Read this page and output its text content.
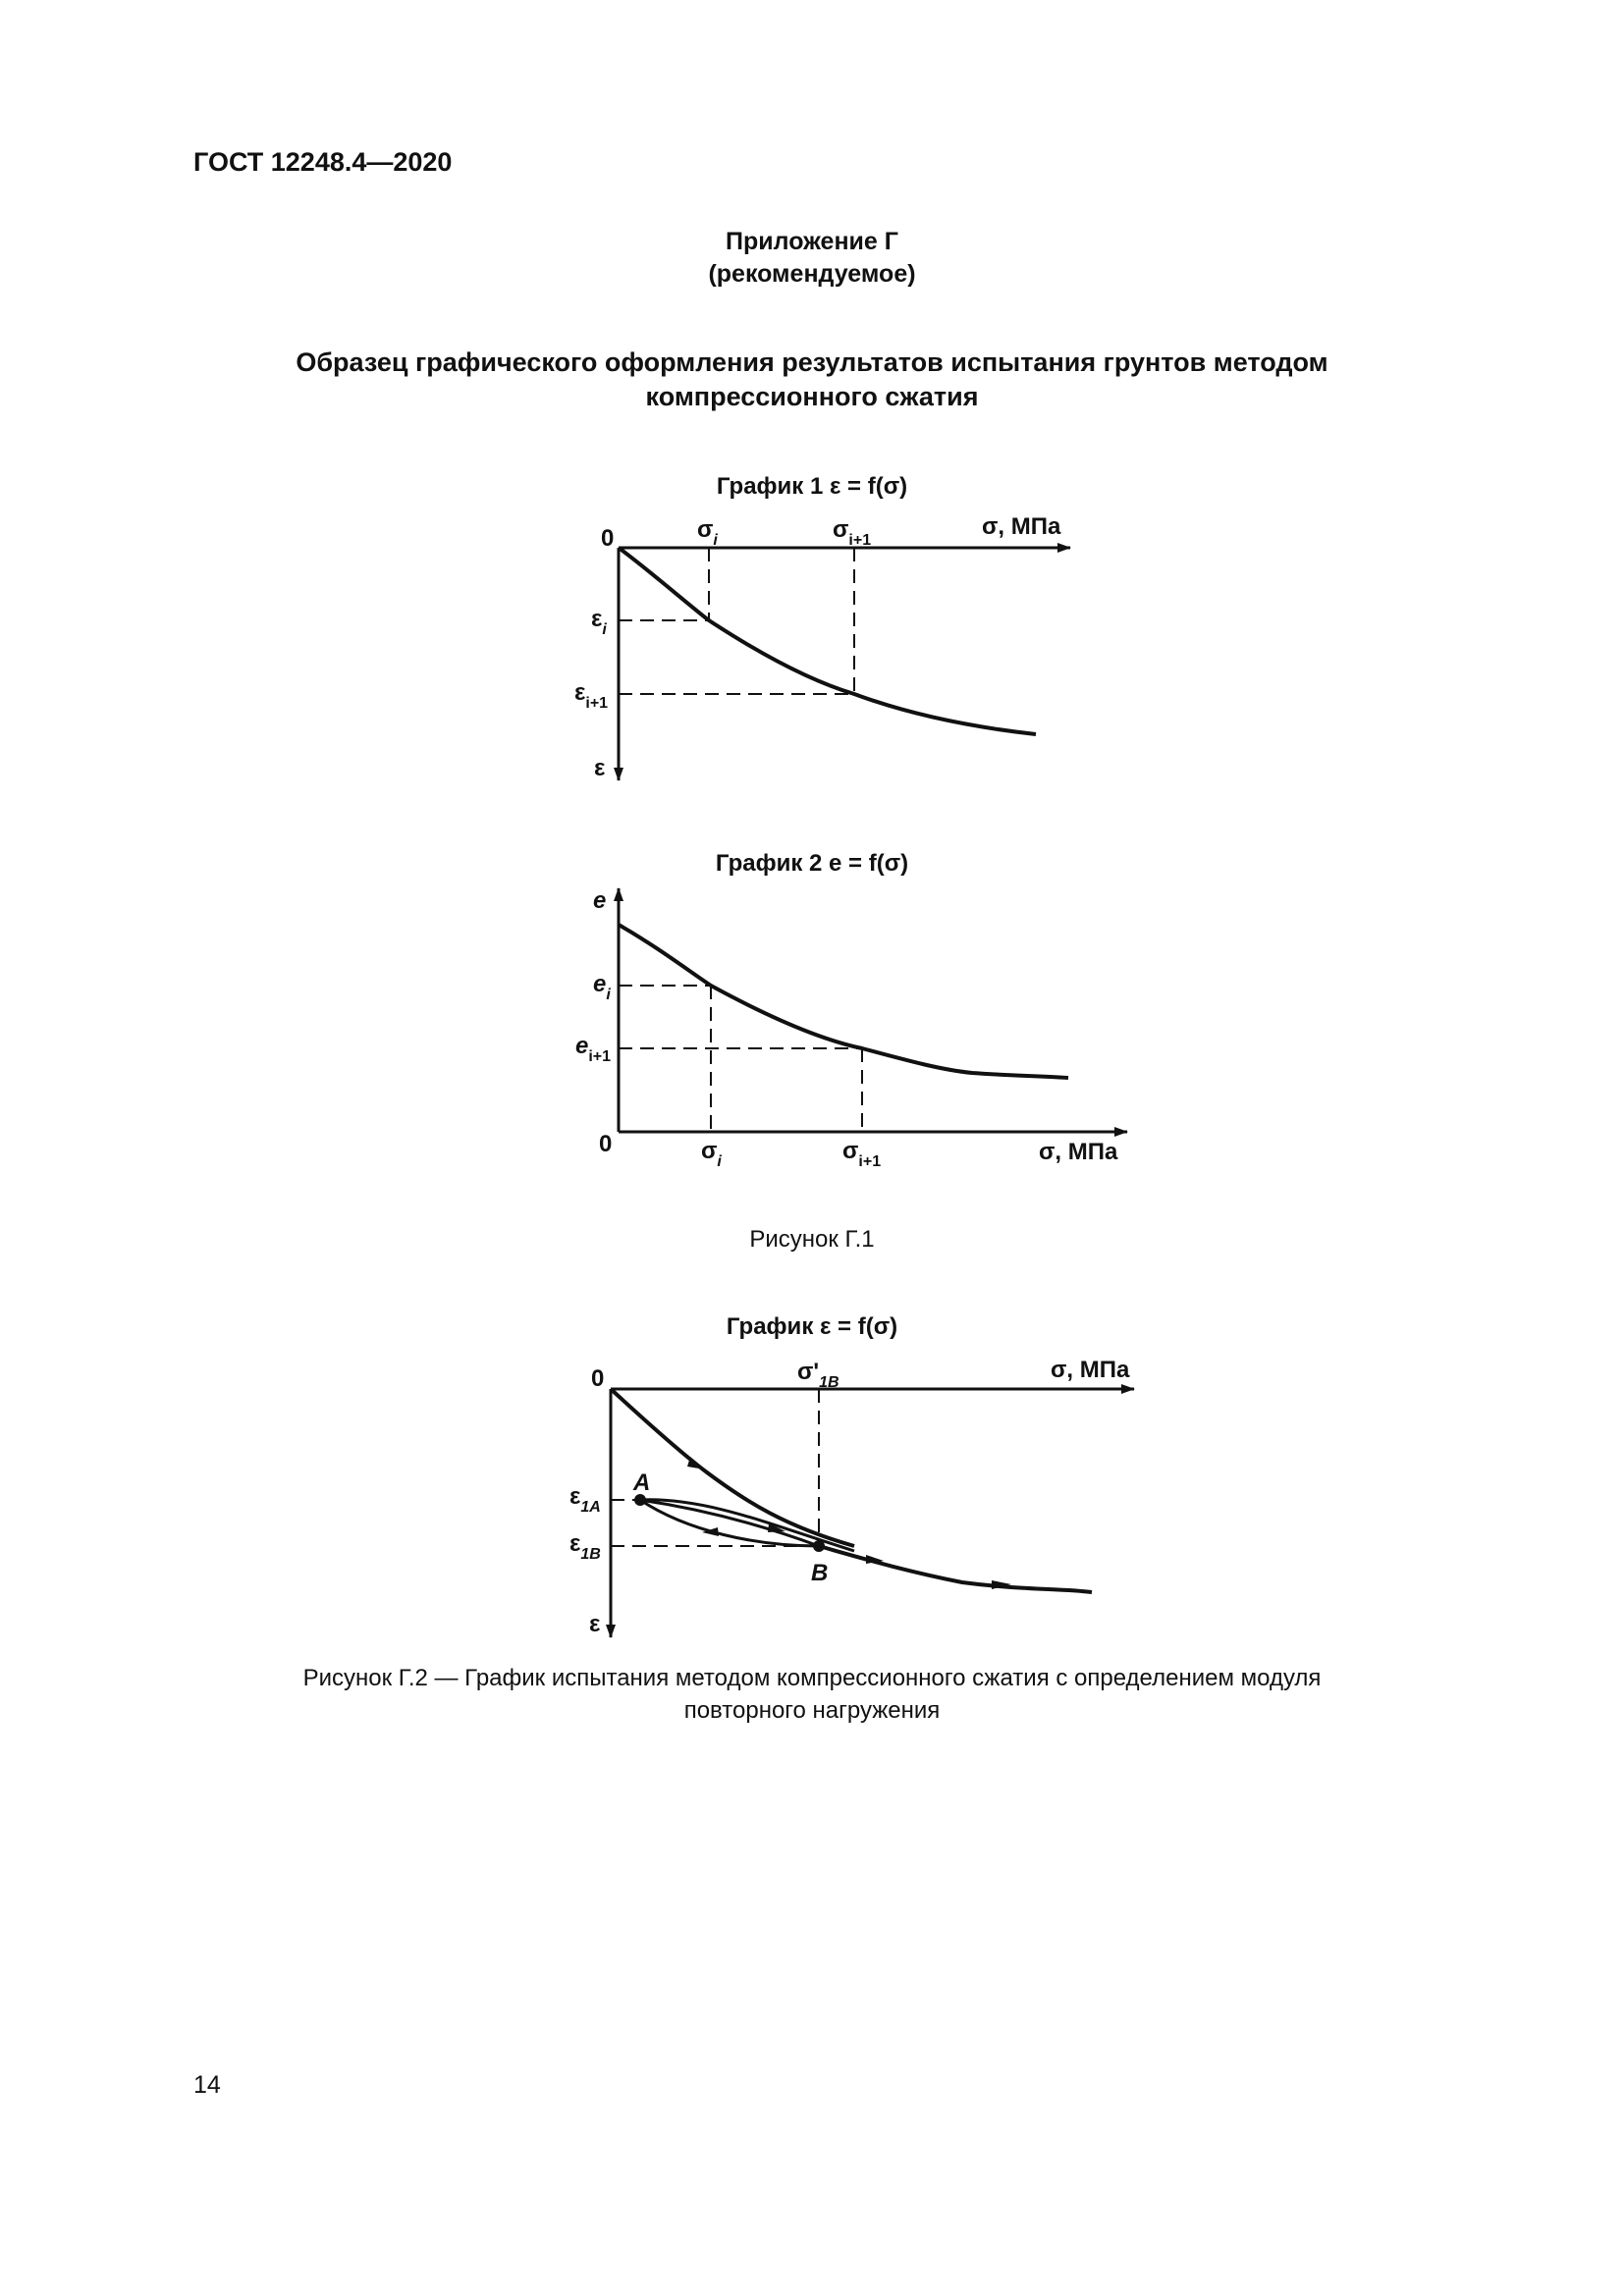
ГОСТ 12248.4—2020
Приложение Г
(рекомендуемое)
Образец графического оформления результатов испытания грунтов методом
компрессионного сжатия
График 1 ε = f(σ)
0	σi	σi+1
σ, МПа
εi
εi+1
ε
График 2 e = f(σ)
e
ei
ei+1
0	σi	σi+1	σ, МПа
Рисунок Г.1
График ε = f(σ)
A
B
0	σ'1B	σ, МПа
ε1A
ε1B
ε
Рисунок Г.2 — График испытания методом компрессионного сжатия с определением модуля
повторного нагружения
14
